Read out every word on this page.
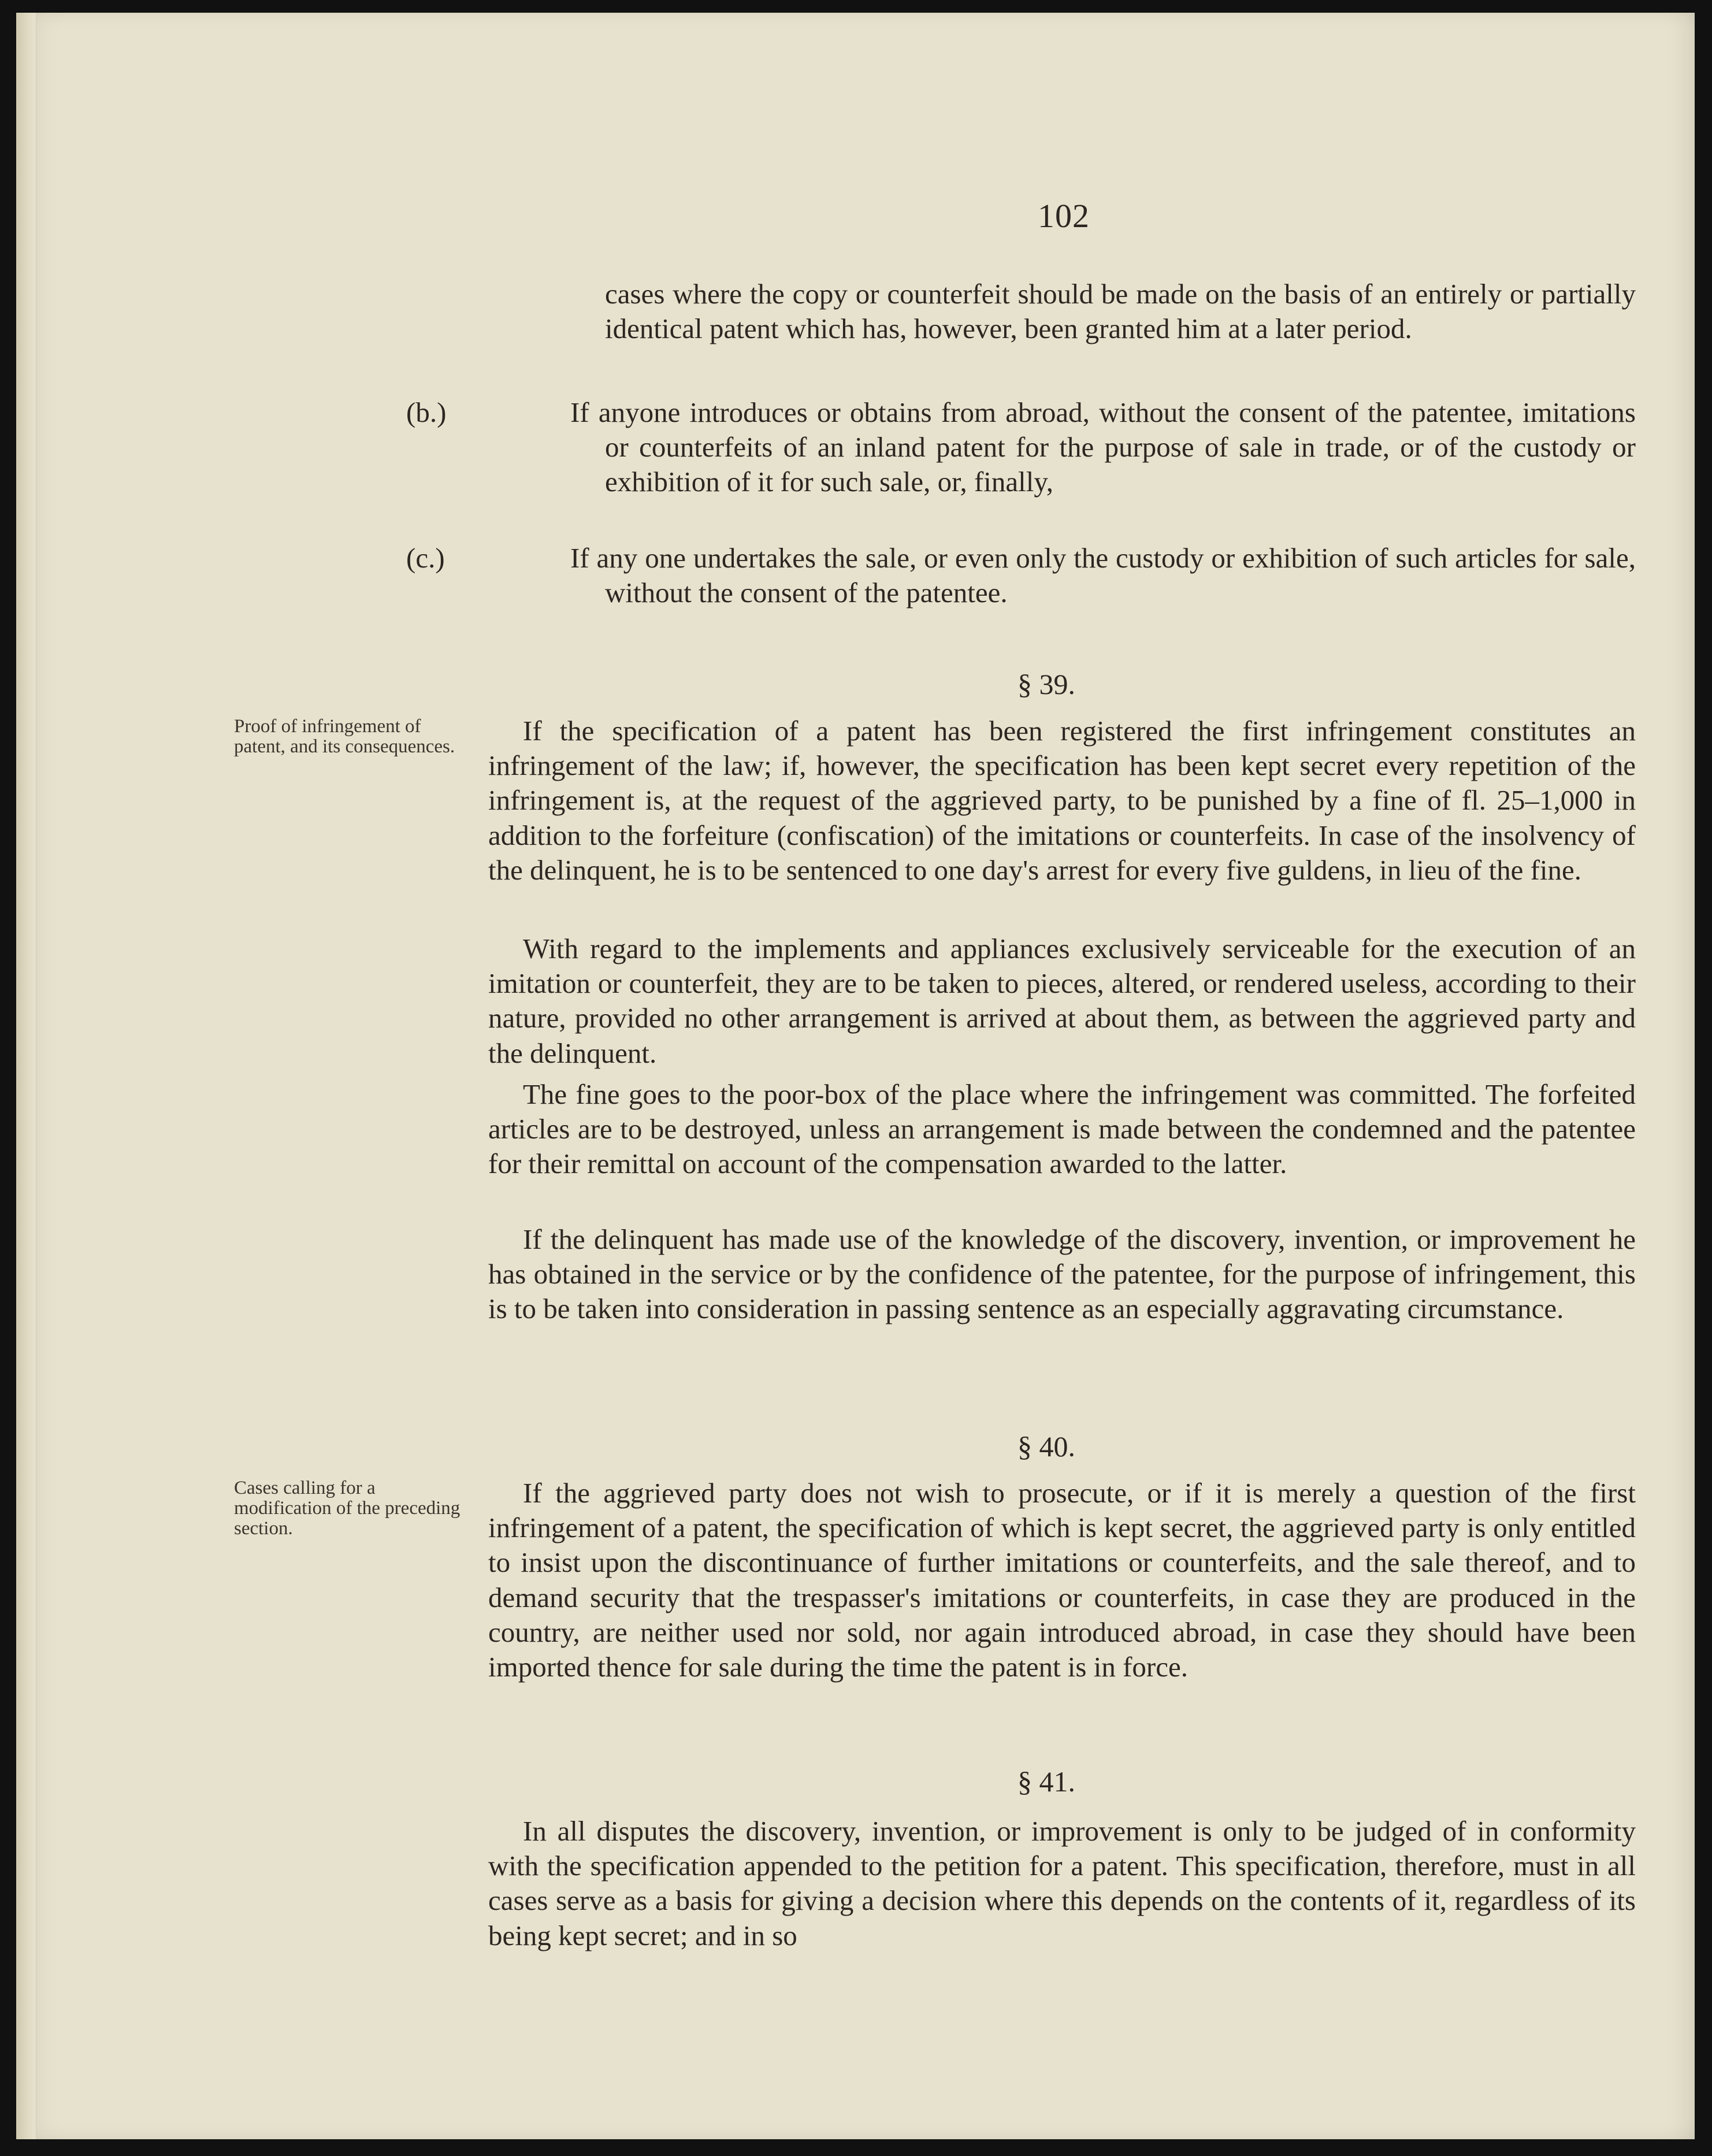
102

cases where the copy or counterfeit should be made on the basis of an entirely or partially identical patent which has, however, been granted him at a later period.

(b.)	If anyone introduces or obtains from abroad, without the consent of the patentee, imitations or counterfeits of an inland patent for the purpose of sale in trade, or of the custody or exhibition of it for such sale, or, finally,

(c.)	If any one undertakes the sale, or even only the custody or exhibition of such articles for sale, without the consent of the patentee.

§ 39.

Proof of infringement of patent, and its consequences.	If the specification of a patent has been registered the first infringement constitutes an infringement of the law; if, however, the specification has been kept secret every repetition of the infringement is, at the request of the aggrieved party, to be punished by a fine of fl. 25–1,000 in addition to the forfeiture (confiscation) of the imitations or counterfeits. In case of the insolvency of the delinquent, he is to be sentenced to one day's arrest for every five guldens, in lieu of the fine.

With regard to the implements and appliances exclusively serviceable for the execution of an imitation or counterfeit, they are to be taken to pieces, altered, or rendered useless, according to their nature, provided no other arrangement is arrived at about them, as between the aggrieved party and the delinquent.

The fine goes to the poor-box of the place where the infringement was committed. The forfeited articles are to be destroyed, unless an arrangement is made between the condemned and the patentee for their remittal on account of the compensation awarded to the latter.

If the delinquent has made use of the knowledge of the discovery, invention, or improvement he has obtained in the service or by the confidence of the patentee, for the purpose of infringement, this is to be taken into consideration in passing sentence as an especially aggravating circumstance.

§ 40.

Cases calling for a modification of the preceding section.

If the aggrieved party does not wish to prosecute, or if it is merely a question of the first infringement of a patent, the specification of which is kept secret, the aggrieved party is only entitled to insist upon the discontinuance of further imitations or counterfeits, and the sale thereof, and to demand security that the trespasser's imitations or counterfeits, in case they are produced in the country, are neither used nor sold, nor again introduced abroad, in case they should have been imported thence for sale during the time the patent is in force.

§ 41.

In all disputes the discovery, invention, or improvement is only to be judged of in conformity with the specification appended to the petition for a patent. This specification, therefore, must in all cases serve as a basis for giving a decision where this depends on the contents of it, regardless of its being kept secret; and in so
